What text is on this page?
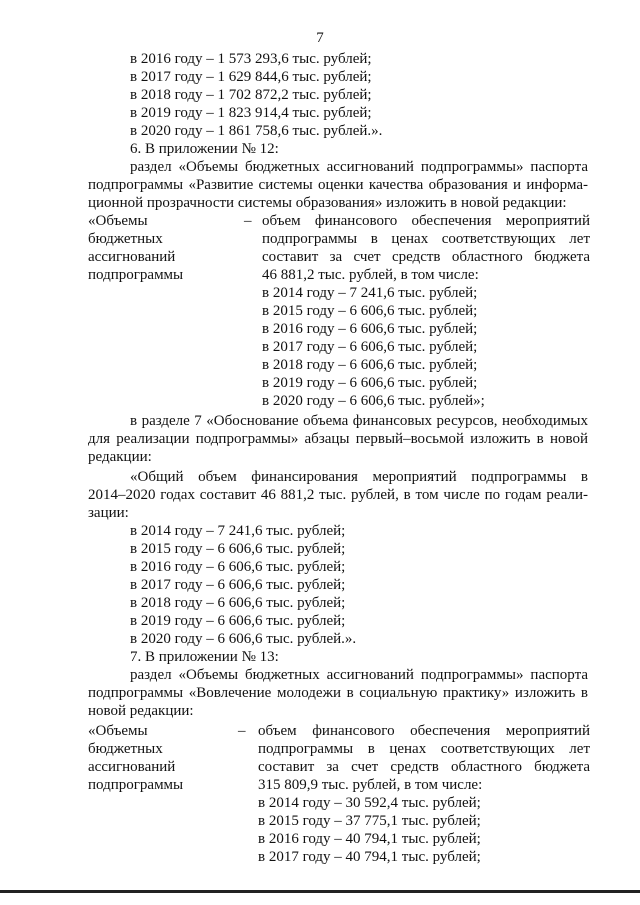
7
в 2016 году – 1 573 293,6 тыс. рублей;
в 2017 году – 1 629 844,6 тыс. рублей;
в 2018 году – 1 702 872,2 тыс. рублей;
в 2019 году – 1 823 914,4 тыс. рублей;
в 2020 году – 1 861 758,6 тыс. рублей.».
6. В приложении № 12:
раздел «Объемы бюджетных ассигнований подпрограммы» паспорта
подпрограммы «Развитие системы оценки качества образования и информа-
ционной прозрачности системы образования» изложить в новой редакции:
«Объемы
бюджетных
ассигнований
подпрограммы
– объем финансового обеспечения мероприятий
подпрограммы в ценах соответствующих лет
составит за счет средств областного бюджета
46 881,2 тыс. рублей, в том числе:
в 2014 году – 7 241,6 тыс. рублей;
в 2015 году – 6 606,6 тыс. рублей;
в 2016 году – 6 606,6 тыс. рублей;
в 2017 году – 6 606,6 тыс. рублей;
в 2018 году – 6 606,6 тыс. рублей;
в 2019 году – 6 606,6 тыс. рублей;
в 2020 году – 6 606,6 тыс. рублей»;
в разделе 7 «Обоснование объема финансовых ресурсов, необходимых
для реализации подпрограммы» абзацы первый–восьмой изложить в новой
редакции:
«Общий объем финансирования мероприятий подпрограммы в
2014–2020 годах составит 46 881,2 тыс. рублей, в том числе по годам реали-
зации:
в 2014 году – 7 241,6 тыс. рублей;
в 2015 году – 6 606,6 тыс. рублей;
в 2016 году – 6 606,6 тыс. рублей;
в 2017 году – 6 606,6 тыс. рублей;
в 2018 году – 6 606,6 тыс. рублей;
в 2019 году – 6 606,6 тыс. рублей;
в 2020 году – 6 606,6 тыс. рублей.».
7. В приложении № 13:
раздел «Объемы бюджетных ассигнований подпрограммы» паспорта
подпрограммы «Вовлечение молодежи в социальную практику» изложить в
новой редакции:
«Объемы
бюджетных
ассигнований
подпрограммы
– объем финансового обеспечения мероприятий
подпрограммы в ценах соответствующих лет
составит за счет средств областного бюджета
315 809,9 тыс. рублей, в том числе:
в 2014 году – 30 592,4 тыс. рублей;
в 2015 году – 37 775,1 тыс. рублей;
в 2016 году – 40 794,1 тыс. рублей;
в 2017 году – 40 794,1 тыс. рублей;
